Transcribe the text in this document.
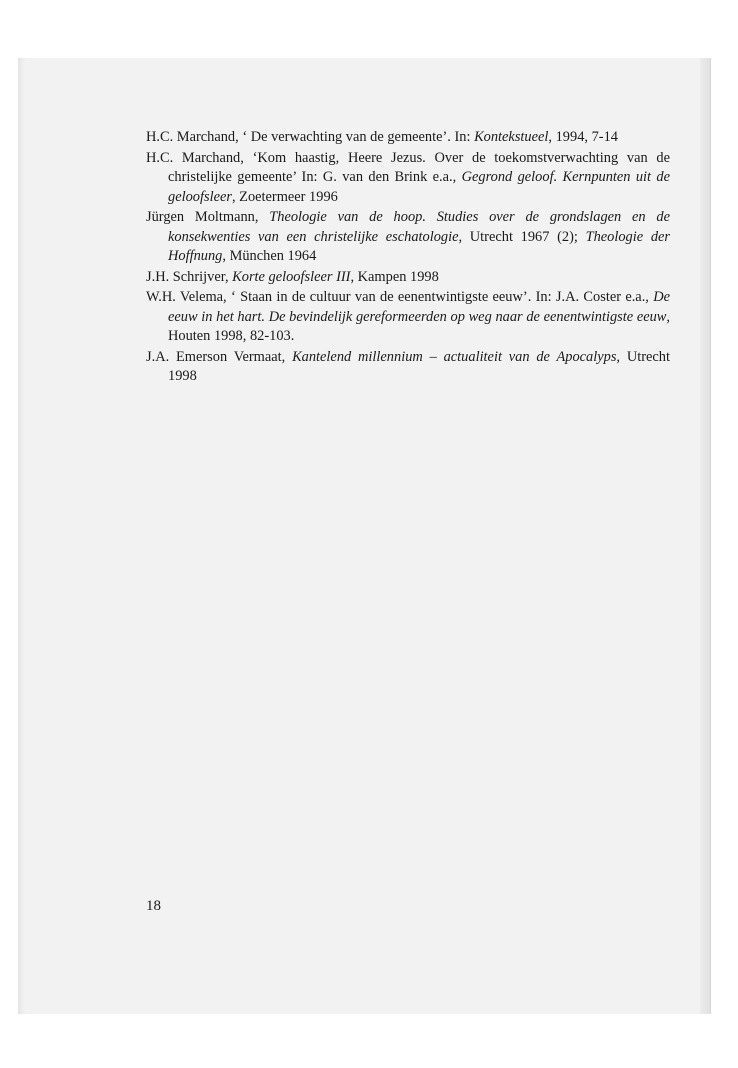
H.C. Marchand, ‘ De verwachting van de gemeente’. In: Kontekstueel, 1994, 7-14

H.C. Marchand, ‘Kom haastig, Heere Jezus. Over de toekomstverwachting van de christelijke gemeente’ In: G. van den Brink e.a., Gegrond geloof. Kernpunten uit de geloofsleer, Zoetermeer 1996

Jürgen Moltmann, Theologie van de hoop. Studies over de grondslagen en de konsekwenties van een christelijke eschatologie, Utrecht 1967 (2); Theologie der Hoffnung, München 1964

J.H. Schrijver, Korte geloofsleer III, Kampen 1998

W.H. Velema, ‘ Staan in de cultuur van de eenentwintigste eeuw’. In: J.A. Coster e.a., De eeuw in het hart. De bevindelijk gereformeerden op weg naar de eenentwintigste eeuw, Houten 1998, 82-103.

J.A. Emerson Vermaat, Kantelend millennium – actualiteit van de Apocalyps, Utrecht 1998

18
